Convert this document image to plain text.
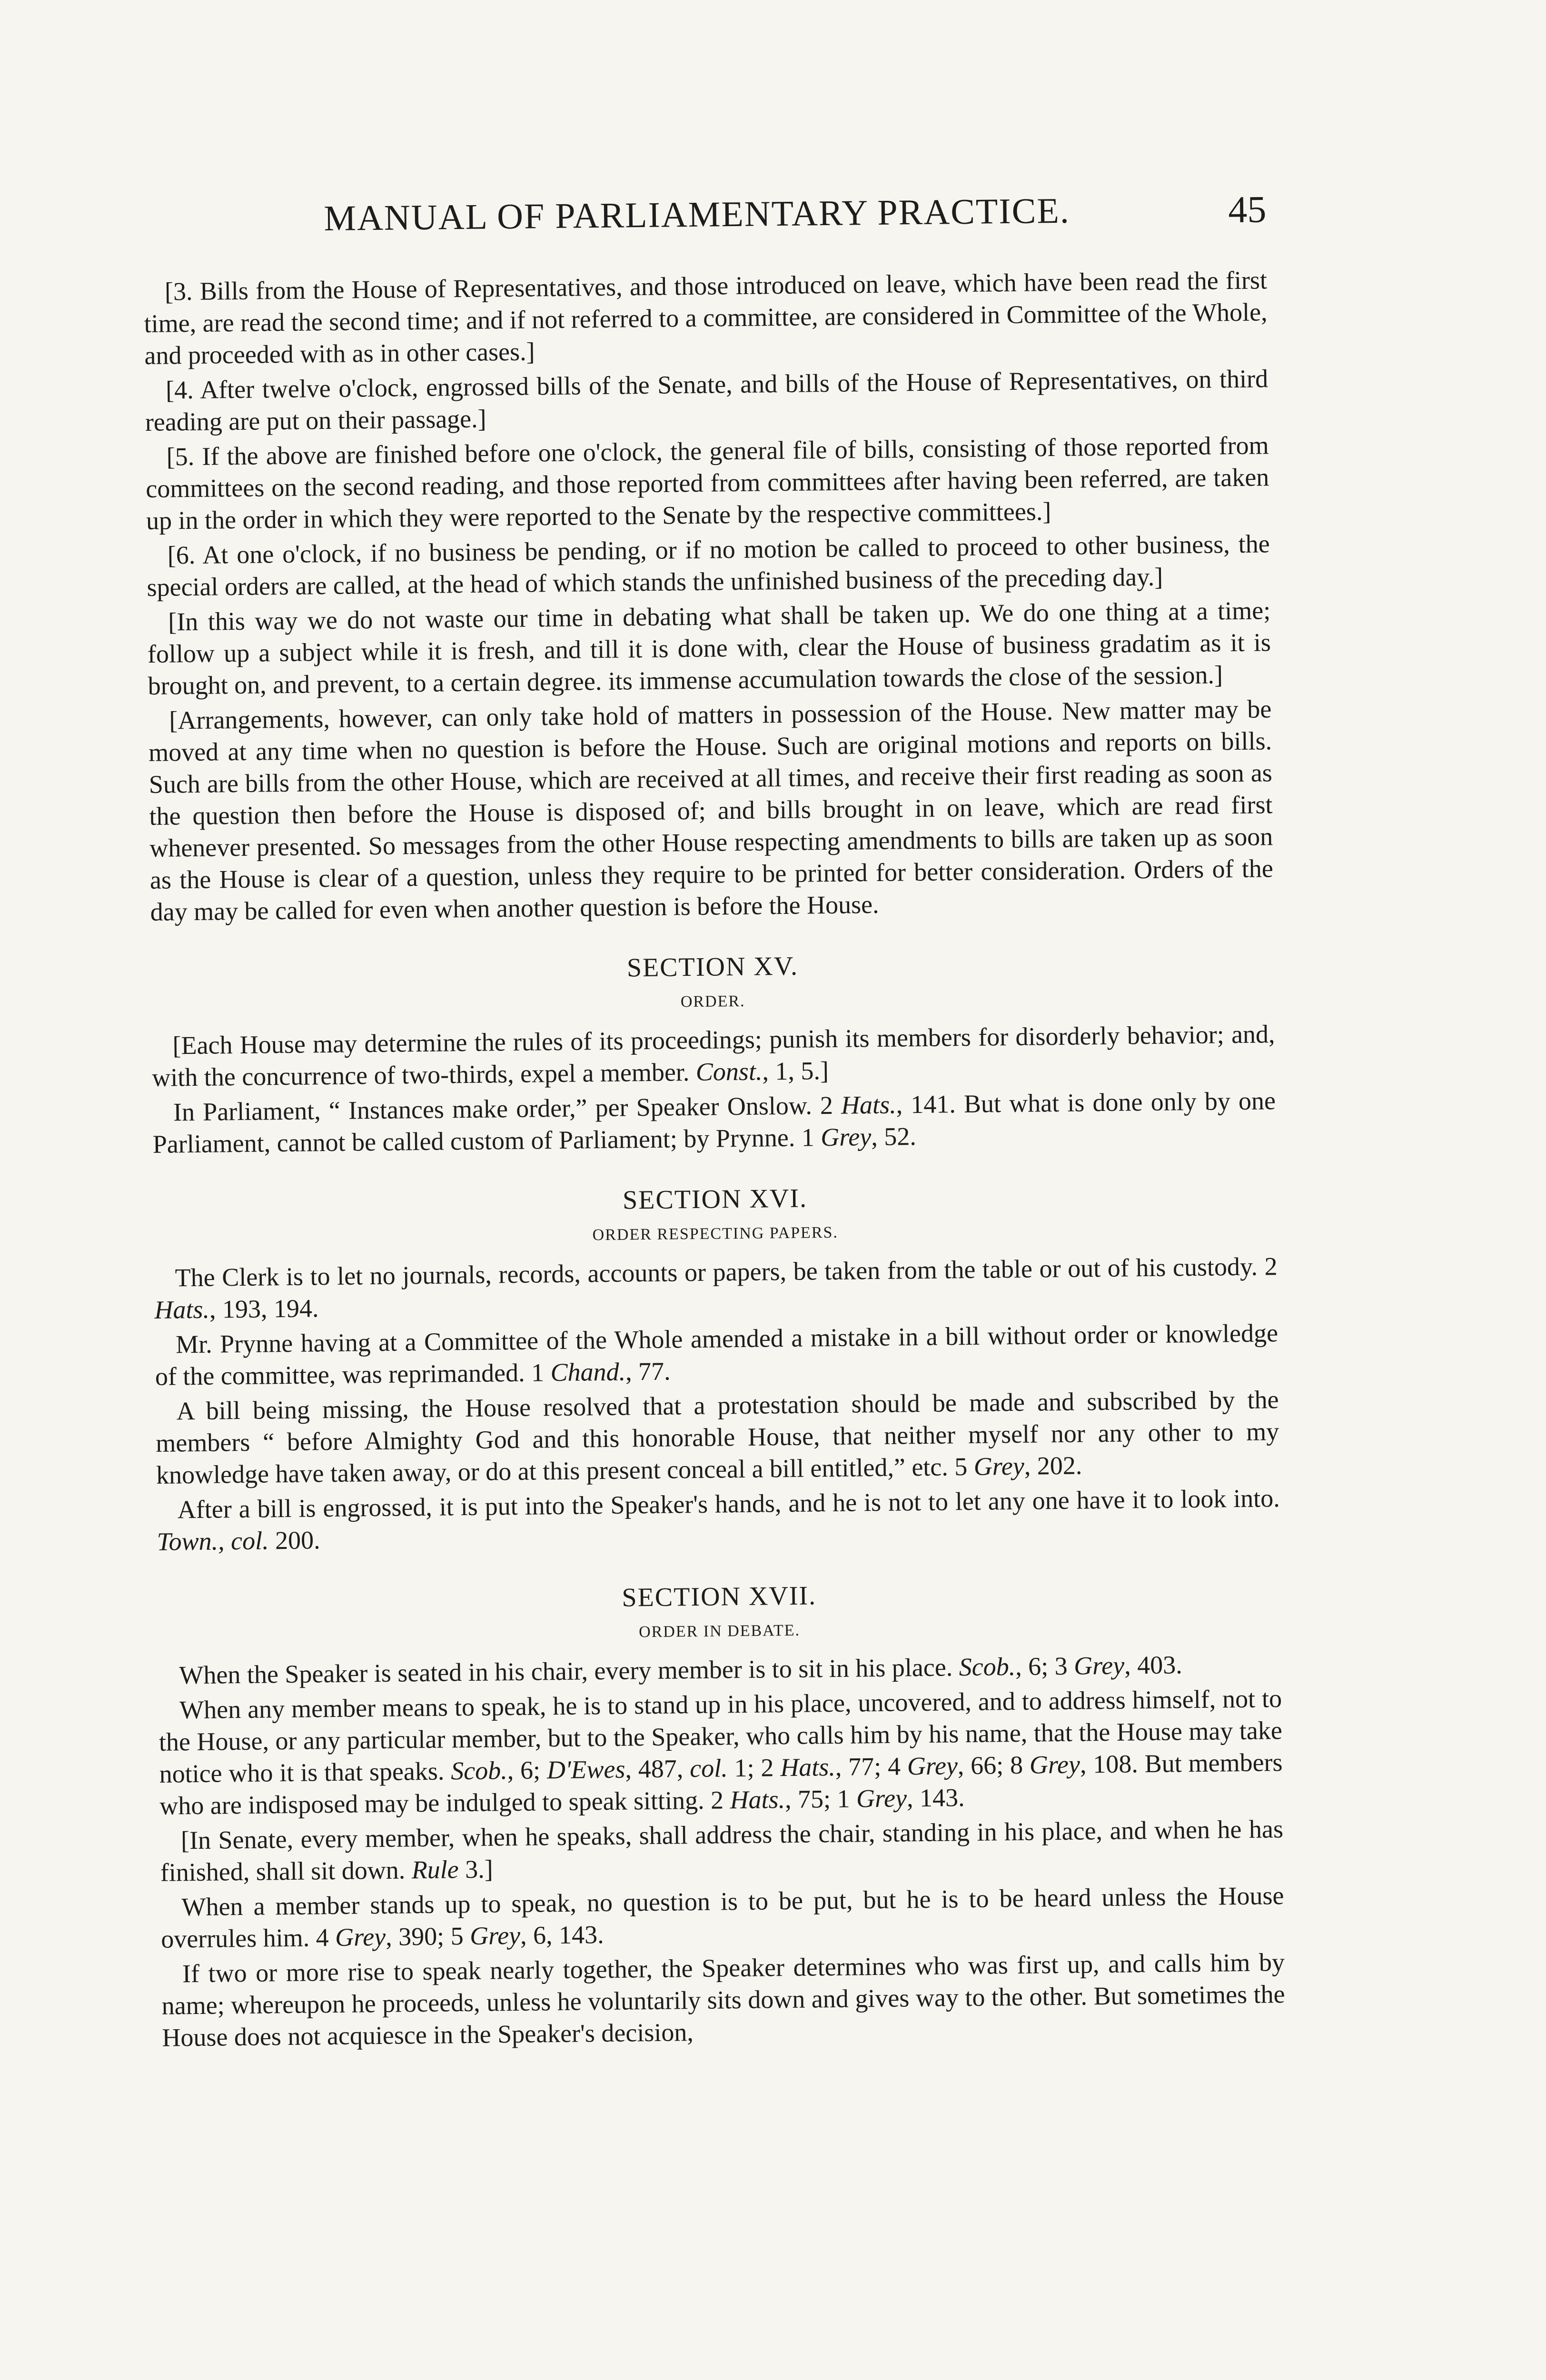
MANUAL OF PARLIAMENTARY PRACTICE.	45

[3. Bills from the House of Representatives, and those introduced on leave, which have been read the first time, are read the second time; and if not referred to a committee, are considered in Committee of the Whole, and proceeded with as in other cases.]

[4. After twelve o'clock, engrossed bills of the Senate, and bills of the House of Representatives, on third reading are put on their passage.]

[5. If the above are finished before one o'clock, the general file of bills, consisting of those reported from committees on the second reading, and those reported from committees after having been referred, are taken up in the order in which they were reported to the Senate by the respective committees.]

[6. At one o'clock, if no business be pending, or if no motion be called to proceed to other business, the special orders are called, at the head of which stands the unfinished business of the preceding day.]

[In this way we do not waste our time in debating what shall be taken up. We do one thing at a time; follow up a subject while it is fresh, and till it is done with, clear the House of business gradatim as it is brought on, and prevent, to a certain degree. its immense accumulation towards the close of the session.]

[Arrangements, however, can only take hold of matters in possession of the House. New matter may be moved at any time when no question is before the House. Such are original motions and reports on bills. Such are bills from the other House, which are received at all times, and receive their first reading as soon as the question then before the House is disposed of; and bills brought in on leave, which are read first whenever presented. So messages from the other House respecting amendments to bills are taken up as soon as the House is clear of a question, unless they require to be printed for better consideration. Orders of the day may be called for even when another question is before the House.

SECTION XV.
ORDER.

[Each House may determine the rules of its proceedings; punish its members for disorderly behavior; and, with the concurrence of two-thirds, expel a member. Const., 1, 5.]

In Parliament, “ Instances make order,” per Speaker Onslow. 2 Hats., 141. But what is done only by one Parliament, cannot be called custom of Parliament; by Prynne. 1 Grey, 52.

SECTION XVI.
ORDER RESPECTING PAPERS.

The Clerk is to let no journals, records, accounts or papers, be taken from the table or out of his custody. 2 Hats., 193, 194.

Mr. Prynne having at a Committee of the Whole amended a mistake in a bill without order or knowledge of the committee, was reprimanded. 1 Chand., 77.

A bill being missing, the House resolved that a protestation should be made and subscribed by the members “ before Almighty God and this honorable House, that neither myself nor any other to my knowledge have taken away, or do at this present conceal a bill entitled,” etc. 5 Grey, 202.

After a bill is engrossed, it is put into the Speaker's hands, and he is not to let any one have it to look into. Town., col. 200.

SECTION XVII.
ORDER IN DEBATE.

When the Speaker is seated in his chair, every member is to sit in his place. Scob., 6; 3 Grey, 403.

When any member means to speak, he is to stand up in his place, uncovered, and to address himself, not to the House, or any particular member, but to the Speaker, who calls him by his name, that the House may take notice who it is that speaks. Scob., 6; D'Ewes, 487, col. 1; 2 Hats., 77; 4 Grey, 66; 8 Grey, 108. But members who are indisposed may be indulged to speak sitting. 2 Hats., 75; 1 Grey, 143.

[In Senate, every member, when he speaks, shall address the chair, standing in his place, and when he has finished, shall sit down. Rule 3.]

When a member stands up to speak, no question is to be put, but he is to be heard unless the House overrules him. 4 Grey, 390; 5 Grey, 6, 143.

If two or more rise to speak nearly together, the Speaker determines who was first up, and calls him by name; whereupon he proceeds, unless he voluntarily sits down and gives way to the other. But sometimes the House does not acquiesce in the Speaker's decision,
